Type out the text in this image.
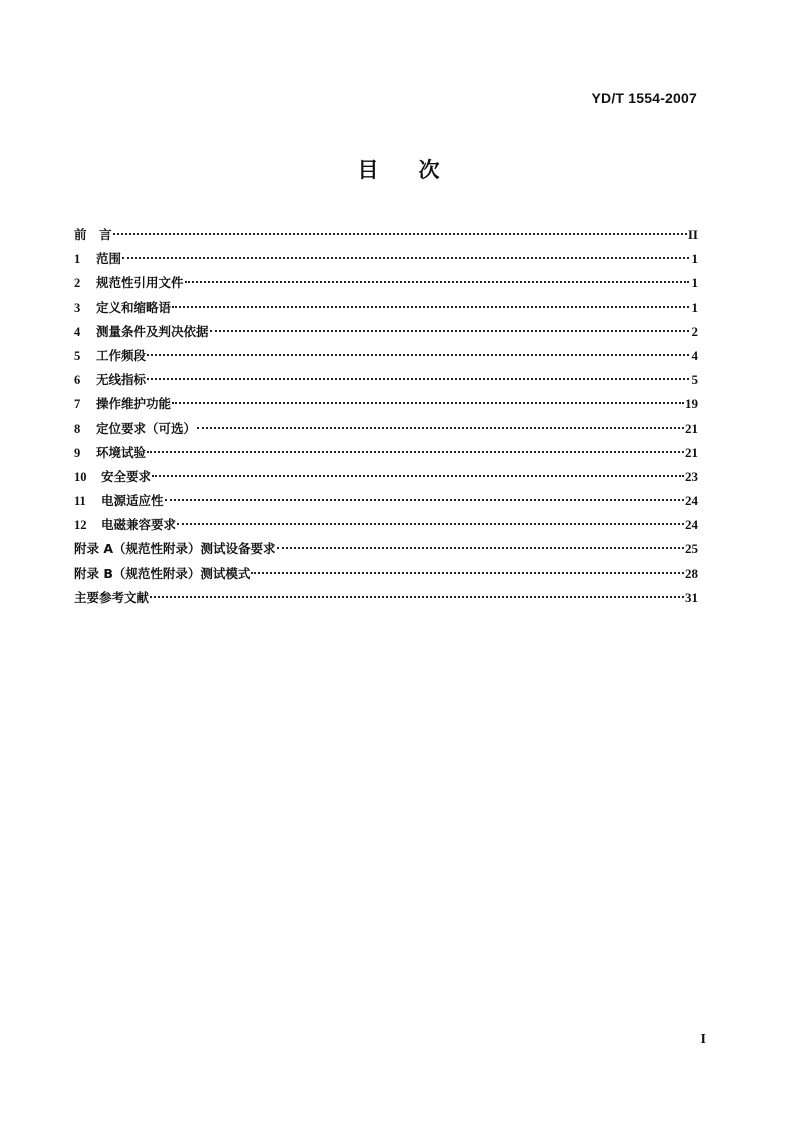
YD/T 1554-2007
目 次
前　言	II
1	范围	1
2	规范性引用文件	1
3	定义和缩略语	1
4	测量条件及判决依据	2
5	工作频段	4
6	无线指标	5
7	操作维护功能	19
8	定位要求（可选）	21
9	环境试验	21
10	安全要求	23
11	电源适应性	24
12	电磁兼容要求	24
附录 A（规范性附录）测试设备要求	25
附录 B（规范性附录）测试模式	28
主要参考文献	31
I
